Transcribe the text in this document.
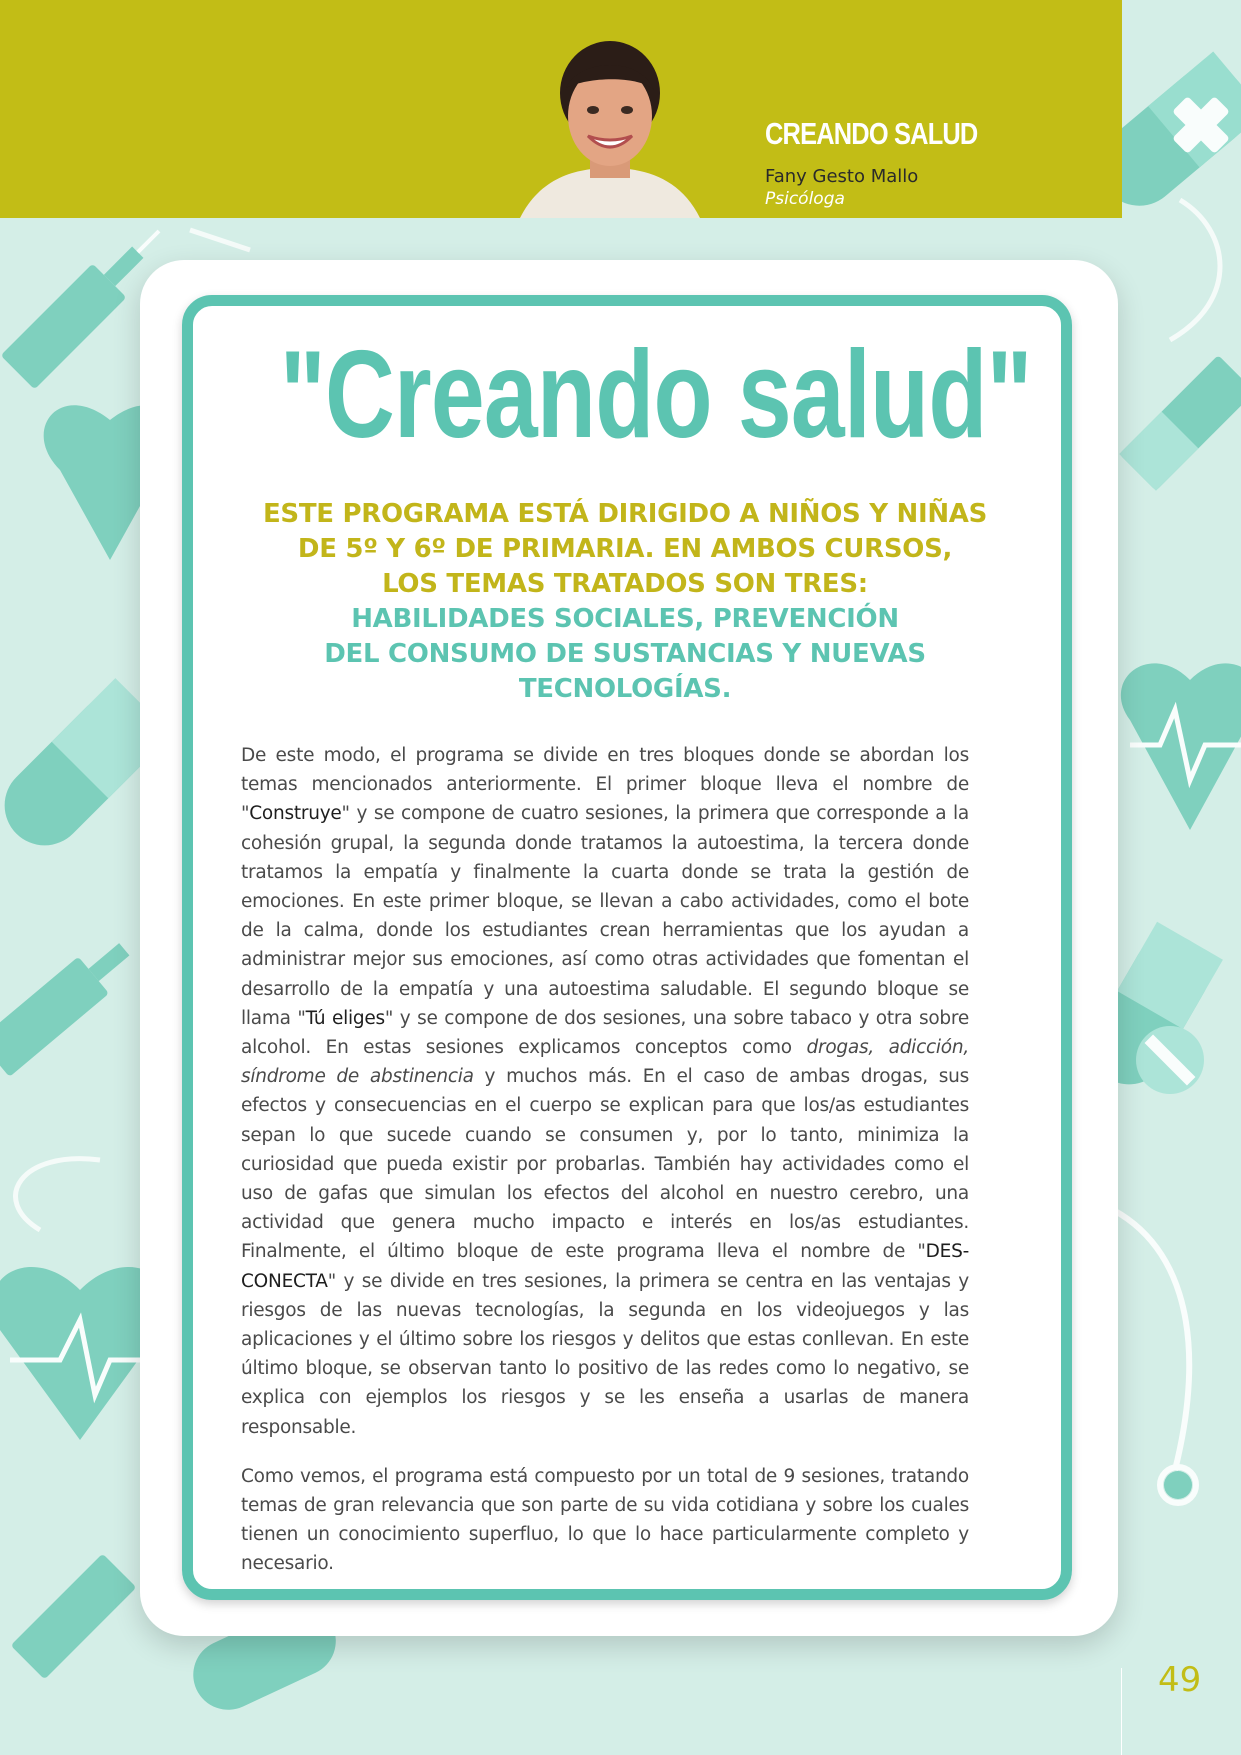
CREANDO SALUD
Fany Gesto Mallo
Psicóloga
"Creando salud"
ESTE PROGRAMA ESTÁ DIRIGIDO A NIÑOS Y NIÑAS
DE 5º Y 6º DE PRIMARIA. EN AMBOS CURSOS,
LOS TEMAS TRATADOS SON TRES:
HABILIDADES SOCIALES, PREVENCIÓN
DEL CONSUMO DE SUSTANCIAS Y NUEVAS
TECNOLOGÍAS.

De este modo, el programa se divide en tres bloques donde se abordan los temas mencionados anteriormente. El primer bloque lleva el nombre de "Construye" y se compone de cuatro sesiones, la primera que corresponde a la cohesión grupal, la segunda donde tratamos la autoestima, la tercera donde tratamos la empatía y finalmente la cuarta donde se trata la gestión de emociones. En este primer bloque, se llevan a cabo actividades, como el bote de la calma, donde los estudiantes crean herramientas que los ayudan a administrar mejor sus emociones, así como otras actividades que fomentan el desarrollo de la empatía y una autoestima saludable. El segundo bloque se llama "Tú eliges" y se compone de dos sesiones, una sobre tabaco y otra sobre alcohol. En estas sesiones explicamos conceptos como drogas, adicción, síndrome de abstinencia y muchos más. En el caso de ambas drogas, sus efectos y consecuencias en el cuerpo se explican para que los/as estudiantes sepan lo que sucede cuando se consumen y, por lo tanto, minimiza la curiosidad que pueda existir por probarlas. También hay actividades como el uso de gafas que simulan los efectos del alcohol en nuestro cerebro, una actividad que genera mucho impacto e interés en los/as estudiantes. Finalmente, el último bloque de este programa lleva el nombre de "DES-CONECTA" y se divide en tres sesiones, la primera se centra en las ventajas y riesgos de las nuevas tecnologías, la segunda en los videojuegos y las aplicaciones y el último sobre los riesgos y delitos que estas conllevan. En este último bloque, se observan tanto lo positivo de las redes como lo negativo, se explica con ejemplos los riesgos y se les enseña a usarlas de manera responsable.

Como vemos, el programa está compuesto por un total de 9 sesiones, tratando temas de gran relevancia que son parte de su vida cotidiana y sobre los cuales tienen un conocimiento superfluo, lo que lo hace particularmente completo y necesario.

49
